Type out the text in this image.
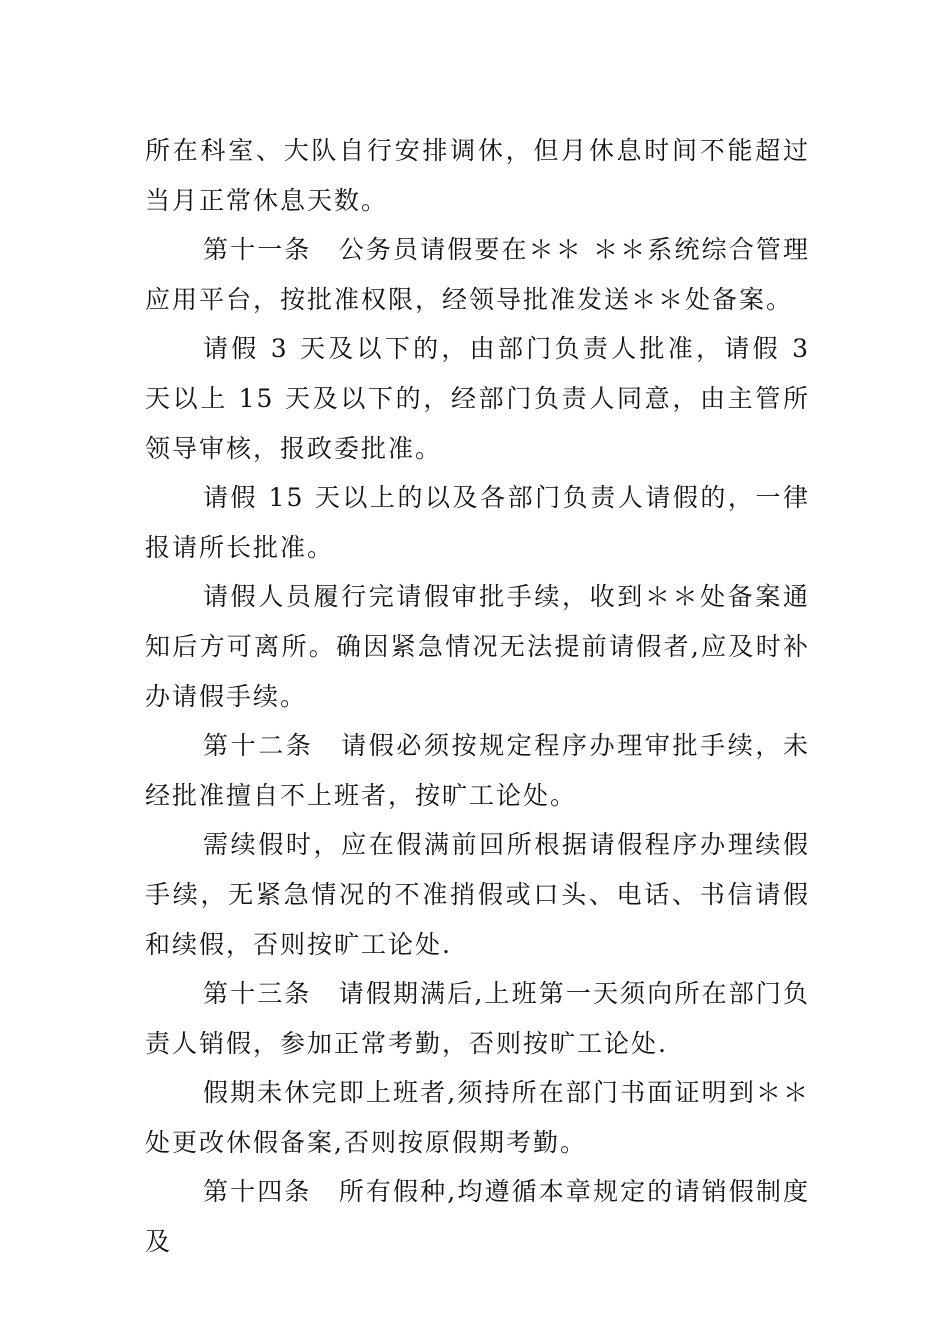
所在科室、大队自行安排调休，但月休息时间不能超过当月正常休息天数。

第十一条　公务员请假要在＊＊ ＊＊系统综合管理应用平台，按批准权限，经领导批准发送＊＊处备案。

请假 3 天及以下的，由部门负责人批准，请假 3 天以上 15 天及以下的，经部门负责人同意，由主管所领导审核，报政委批准。

请假 15 天以上的以及各部门负责人请假的，一律报请所长批准。

请假人员履行完请假审批手续，收到＊＊处备案通知后方可离所。确因紧急情况无法提前请假者,应及时补办请假手续。

第十二条　请假必须按规定程序办理审批手续，未经批准擅自不上班者，按旷工论处。

需续假时，应在假满前回所根据请假程序办理续假手续，无紧急情况的不准捎假或口头、电话、书信请假和续假，否则按旷工论处.

第十三条　请假期满后,上班第一天须向所在部门负责人销假，参加正常考勤，否则按旷工论处.

假期未休完即上班者,须持所在部门书面证明到＊＊处更改休假备案,否则按原假期考勤。

第十四条　所有假种,均遵循本章规定的请销假制度及
